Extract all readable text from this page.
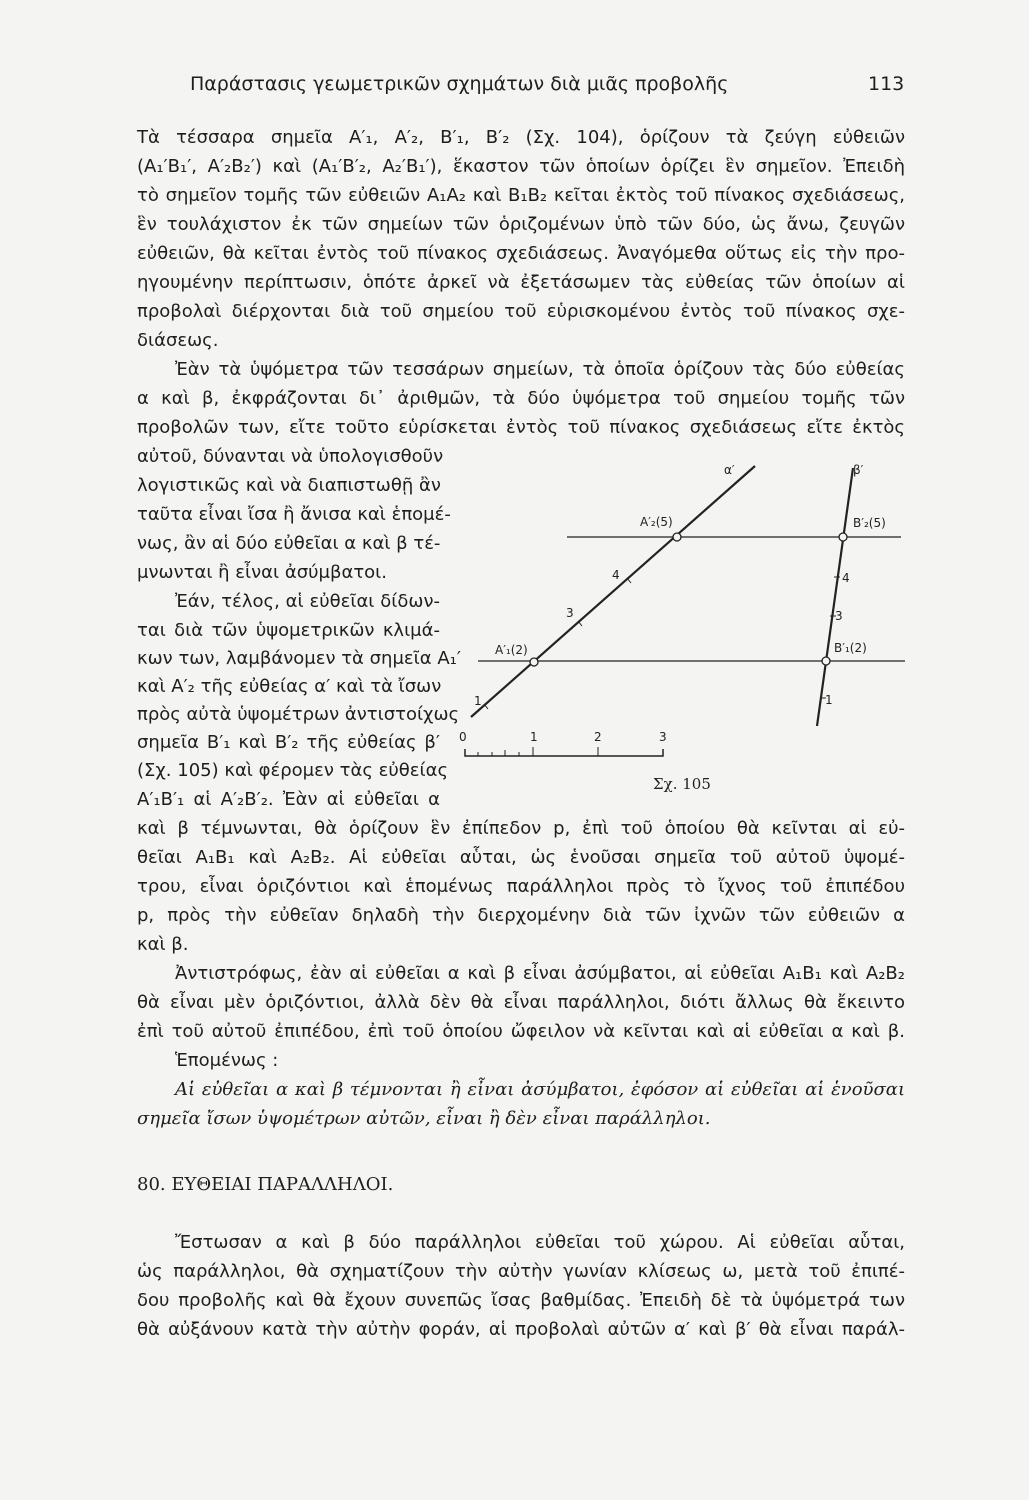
Παράστασις γεωμετρικῶν σχημάτων διὰ μιᾶς προβολῆς	113
Τὰ τέσσαρα σημεῖα A′₁, A′₂, B′₁, B′₂ (Σχ. 104), ὁρίζουν τὰ ζεύγη εὐθειῶν
(A₁′B₁′, A′₂B₂′) καὶ (A₁′B′₂, A₂′B₁′), ἕκαστον τῶν ὁποίων ὁρίζει ἓν σημεῖον. Ἐπειδὴ
τὸ σημεῖον τομῆς τῶν εὐθειῶν A₁A₂ καὶ B₁B₂ κεῖται ἐκτὸς τοῦ πίνακος σχεδιάσεως,
ἓν τουλάχιστον ἐκ τῶν σημείων τῶν ὁριζομένων ὑπὸ τῶν δύο, ὡς ἄνω, ζευγῶν
εὐθειῶν, θὰ κεῖται ἐντὸς τοῦ πίνακος σχεδιάσεως. Ἀναγόμεθα οὕτως εἰς τὴν προ-
ηγουμένην περίπτωσιν, ὁπότε ἀρκεῖ νὰ ἐξετάσωμεν τὰς εὐθείας τῶν ὁποίων αἱ
προβολαὶ διέρχονται διὰ τοῦ σημείου τοῦ εὑρισκομένου ἐντὸς τοῦ πίνακος σχε-
διάσεως.
Ἐὰν τὰ ὑψόμετρα τῶν τεσσάρων σημείων, τὰ ὁποῖα ὁρίζουν τὰς δύο εὐθείας
α καὶ β, ἐκφράζονται δι᾽ ἀριθμῶν, τὰ δύο ὑψόμετρα τοῦ σημείου τομῆς τῶν
προβολῶν των, εἴτε τοῦτο εὑρίσκεται ἐντὸς τοῦ πίνακος σχεδιάσεως εἴτε ἐκτὸς
αὐτοῦ, δύνανται νὰ ὑπολογισθοῦν
λογιστικῶς καὶ νὰ διαπιστωθῇ ἂν
ταῦτα εἶναι ἴσα ἢ ἄνισα καὶ ἑπομέ-
νως, ἂν αἱ δύο εὐθεῖαι α καὶ β τέ-
μνωνται ἢ εἶναι ἀσύμβατοι.
Ἐάν, τέλος, αἱ εὐθεῖαι δίδων-
ται διὰ τῶν ὑψομετρικῶν κλιμά-
κων των, λαμβάνομεν τὰ σημεῖα A₁′
καὶ A′₂ τῆς εὐθείας α′ καὶ τὰ ἴσων
πρὸς αὐτὰ ὑψομέτρων ἀντιστοίχως
σημεῖα B′₁ καὶ B′₂ τῆς εὐθείας β′
(Σχ. 105) καὶ φέρομεν τὰς εὐθείας
A′₁B′₁ αἱ A′₂B′₂. Ἐὰν αἱ εὐθεῖαι α
καὶ β τέμνωνται, θὰ ὁρίζουν ἓν ἐπίπεδον p, ἐπὶ τοῦ ὁποίου θὰ κεῖνται αἱ εὐ-
θεῖαι A₁B₁ καὶ A₂B₂. Αἱ εὐθεῖαι αὗται, ὡς ἑνοῦσαι σημεῖα τοῦ αὐτοῦ ὑψομέ-
τρου, εἶναι ὁριζόντιοι καὶ ἑπομένως παράλληλοι πρὸς τὸ ἴχνος τοῦ ἐπιπέδου
p, πρὸς τὴν εὐθεῖαν δηλαδὴ τὴν διερχομένην διὰ τῶν ἰχνῶν τῶν εὐθειῶν α
καὶ β.
Ἀντιστρόφως, ἐὰν αἱ εὐθεῖαι α καὶ β εἶναι ἀσύμβατοι, αἱ εὐθεῖαι A₁B₁ καὶ A₂B₂
θὰ εἶναι μὲν ὁριζόντιοι, ἀλλὰ δὲν θὰ εἶναι παράλληλοι, διότι ἄλλως θὰ ἔκειντο
ἐπὶ τοῦ αὐτοῦ ἐπιπέδου, ἐπὶ τοῦ ὁποίου ὤφειλον νὰ κεῖνται καὶ αἱ εὐθεῖαι α καὶ β.
Ἑπομένως :
Αἱ εὐθεῖαι α καὶ β τέμνονται ἢ εἶναι ἀσύμβατοι, ἐφόσον αἱ εὐθεῖαι αἱ ἑνοῦσαι
σημεῖα ἴσων ὑψομέτρων αὐτῶν, εἶναι ἢ δὲν εἶναι παράλληλοι.
Ἔστωσαν α καὶ β δύο παράλληλοι εὐθεῖαι τοῦ χώρου. Αἱ εὐθεῖαι αὗται,
ὡς παράλληλοι, θὰ σχηματίζουν τὴν αὐτὴν γωνίαν κλίσεως ω, μετὰ τοῦ ἐπιπέ-
δου προβολῆς καὶ θὰ ἔχουν συνεπῶς ἴσας βαθμίδας. Ἐπειδὴ δὲ τὰ ὑψόμετρά των
θὰ αὐξάνουν κατὰ τὴν αὐτὴν φοράν, αἱ προβολαὶ αὐτῶν α′ καὶ β′ θὰ εἶναι παράλ-
80. ΕΥΘΕΙΑΙ ΠΑΡΑΛΛΗΛΟΙ.
α′	β′
A′₂(5)
A′₁(2)
B′₂(5)
B′₁(2)
1
3
4
1
3
4
0	1	2	3
Σχ. 105
